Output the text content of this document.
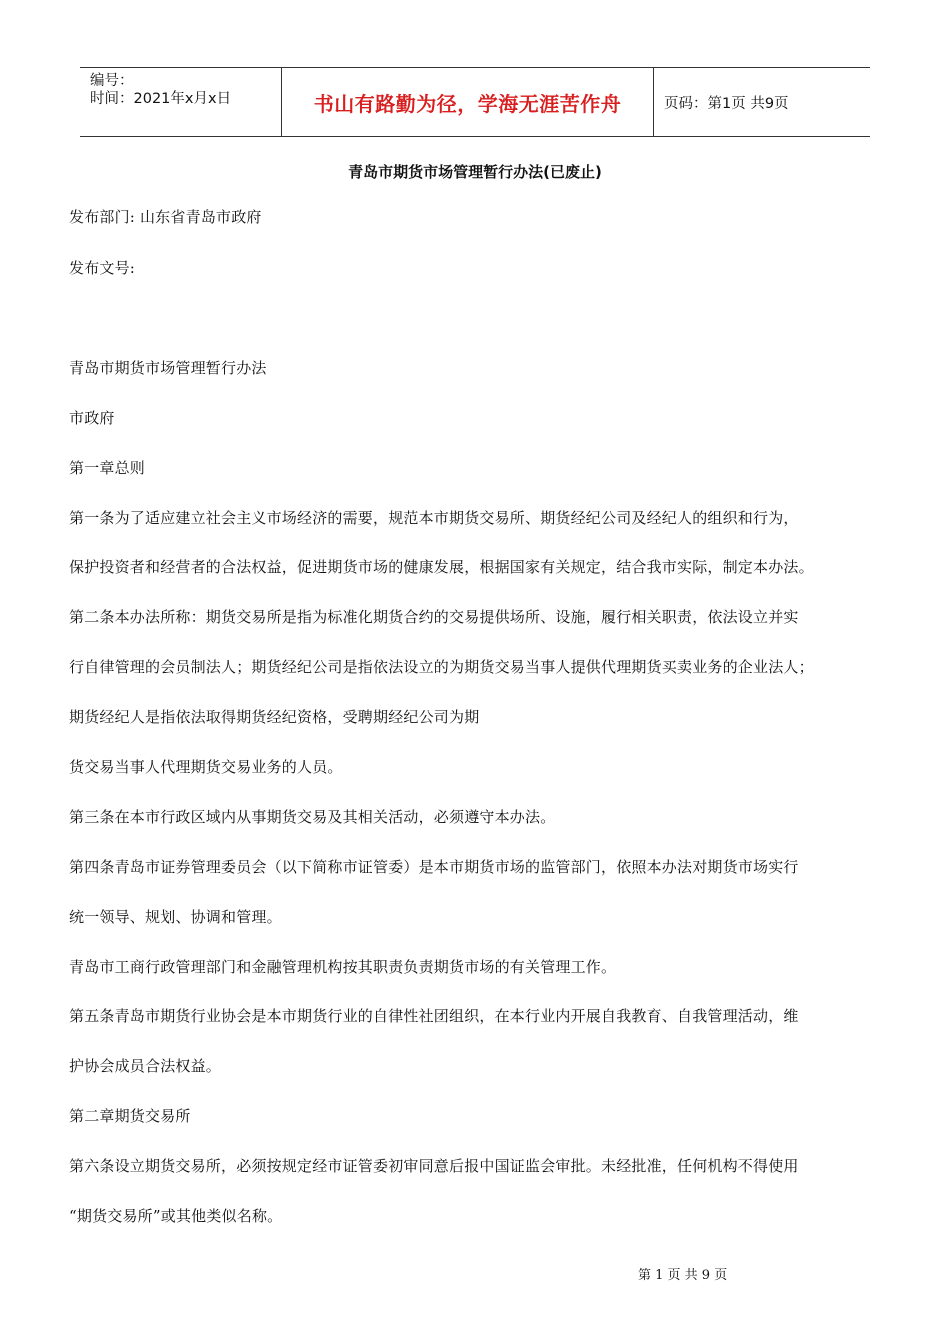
编号：
时间：2021年x月x日	书山有路勤为径，学海无涯苦作舟	页码：第1页 共9页
青岛市期货市场管理暂行办法(已废止)
发布部门: 山东省青岛市政府
发布文号:
青岛市期货市场管理暂行办法
市政府
第一章总则
第一条为了适应建立社会主义市场经济的需要，规范本市期货交易所、期货经纪公司及经纪人的组织和行为，
保护投资者和经营者的合法权益，促进期货市场的健康发展，根据国家有关规定，结合我市实际，制定本办法。
第二条本办法所称：期货交易所是指为标准化期货合约的交易提供场所、设施，履行相关职责，依法设立并实
行自律管理的会员制法人；期货经纪公司是指依法设立的为期货交易当事人提供代理期货买卖业务的企业法人；
期货经纪人是指依法取得期货经纪资格，受聘期经纪公司为期
货交易当事人代理期货交易业务的人员。
第三条在本市行政区域内从事期货交易及其相关活动，必须遵守本办法。
第四条青岛市证券管理委员会（以下简称市证管委）是本市期货市场的监管部门，依照本办法对期货市场实行
统一领导、规划、协调和管理。
青岛市工商行政管理部门和金融管理机构按其职责负责期货市场的有关管理工作。
第五条青岛市期货行业协会是本市期货行业的自律性社团组织，在本行业内开展自我教育、自我管理活动，维
护协会成员合法权益。
第二章期货交易所
第六条设立期货交易所，必须按规定经市证管委初审同意后报中国证监会审批。未经批准，任何机构不得使用
“期货交易所”或其他类似名称。
第 1 页 共 9 页
